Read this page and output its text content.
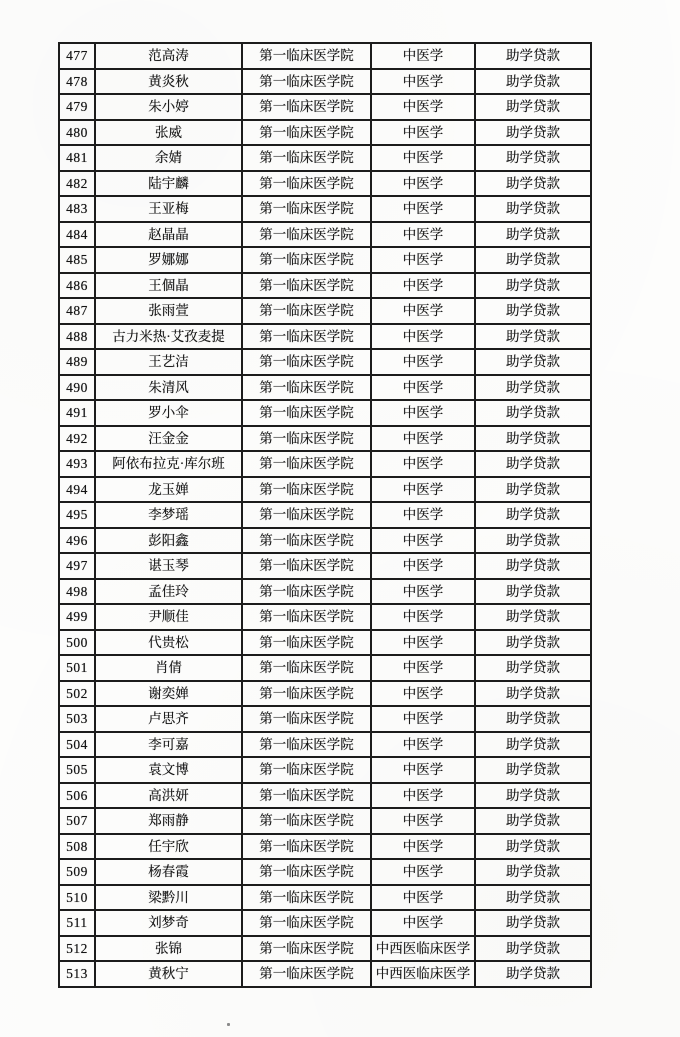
477	范高涛	第一临床医学院	中医学	助学贷款
478	黄炎秋	第一临床医学院	中医学	助学贷款
479	朱小婷	第一临床医学院	中医学	助学贷款
480	张威	第一临床医学院	中医学	助学贷款
481	余婧	第一临床医学院	中医学	助学贷款
482	陆宇麟	第一临床医学院	中医学	助学贷款
483	王亚梅	第一临床医学院	中医学	助学贷款
484	赵晶晶	第一临床医学院	中医学	助学贷款
485	罗娜娜	第一临床医学院	中医学	助学贷款
486	王個晶	第一临床医学院	中医学	助学贷款
487	张雨萱	第一临床医学院	中医学	助学贷款
488	古力米热·艾孜麦提	第一临床医学院	中医学	助学贷款
489	王艺洁	第一临床医学院	中医学	助学贷款
490	朱清风	第一临床医学院	中医学	助学贷款
491	罗小伞	第一临床医学院	中医学	助学贷款
492	汪金金	第一临床医学院	中医学	助学贷款
493	阿依布拉克·库尔班	第一临床医学院	中医学	助学贷款
494	龙玉婵	第一临床医学院	中医学	助学贷款
495	李梦瑶	第一临床医学院	中医学	助学贷款
496	彭阳鑫	第一临床医学院	中医学	助学贷款
497	谌玉琴	第一临床医学院	中医学	助学贷款
498	孟佳玲	第一临床医学院	中医学	助学贷款
499	尹顺佳	第一临床医学院	中医学	助学贷款
500	代贵松	第一临床医学院	中医学	助学贷款
501	肖倩	第一临床医学院	中医学	助学贷款
502	谢奕婵	第一临床医学院	中医学	助学贷款
503	卢思齐	第一临床医学院	中医学	助学贷款
504	李可嘉	第一临床医学院	中医学	助学贷款
505	袁文博	第一临床医学院	中医学	助学贷款
506	高洪妍	第一临床医学院	中医学	助学贷款
507	郑雨静	第一临床医学院	中医学	助学贷款
508	任宇欣	第一临床医学院	中医学	助学贷款
509	杨春霞	第一临床医学院	中医学	助学贷款
510	梁黔川	第一临床医学院	中医学	助学贷款
511	刘梦奇	第一临床医学院	中医学	助学贷款
512	张锦	第一临床医学院	中西医临床医学	助学贷款
513	黄秋宁	第一临床医学院	中西医临床医学	助学贷款
